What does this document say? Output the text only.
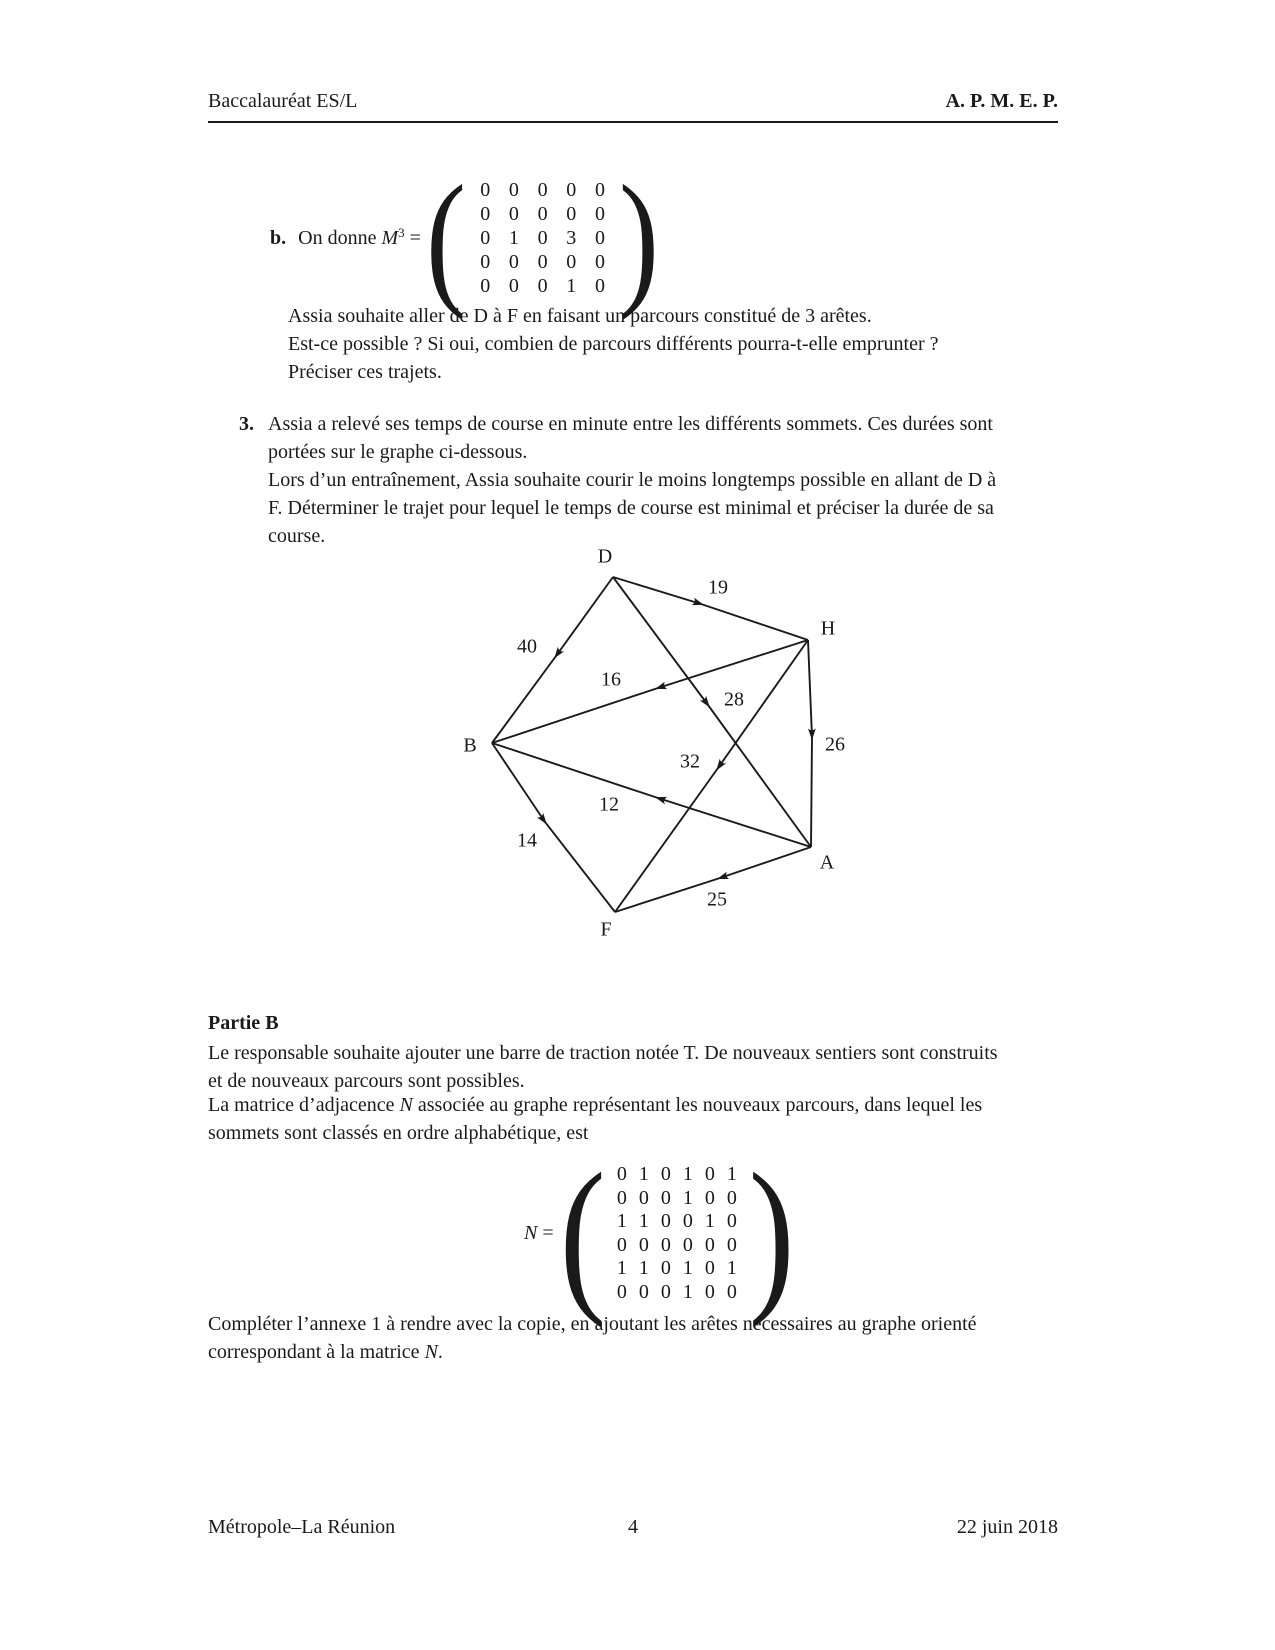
Baccalauréat ES/L	A. P. M. E. P.
b. On donne $M^3$ = ( 0 0 0 0 0
0 0 0 0 0
0 1 0 3 0
0 0 0 0 0
0 0 0 1 0 )
Assia souhaite aller de D à F en faisant un parcours constitué de 3 arêtes.
Est-ce possible ? Si oui, combien de parcours différents pourra-t-elle emprunter ?
Préciser ces trajets.
3. Assia a relevé ses temps de course en minute entre les différents sommets. Ces durées sont
portées sur le graphe ci-dessous.
Lors d’un entraînement, Assia souhaite courir le moins longtemps possible en allant de D à
F. Déterminer le trajet pour lequel le temps de course est minimal et préciser la durée de sa
course.
19
40
28
16
32
26
12
14
25
D
H
B
A
F
Partie B
Le responsable souhaite ajouter une barre de traction notée T. De nouveaux sentiers sont construits
et de nouveaux parcours sont possibles.
La matrice d’adjacence N associée au graphe représentant les nouveaux parcours, dans lequel les
sommets sont classés en ordre alphabétique, est
N = ( 0 1 0 1 0 1
0 0 0 1 0 0
1 1 0 0 1 0
0 0 0 0 0 0
1 1 0 1 0 1
0 0 0 1 0 0 )
Compléter l’annexe 1 à rendre avec la copie, en ajoutant les arêtes nécessaires au graphe orienté
correspondant à la matrice N.
Métropole–La Réunion	4	22 juin 2018
